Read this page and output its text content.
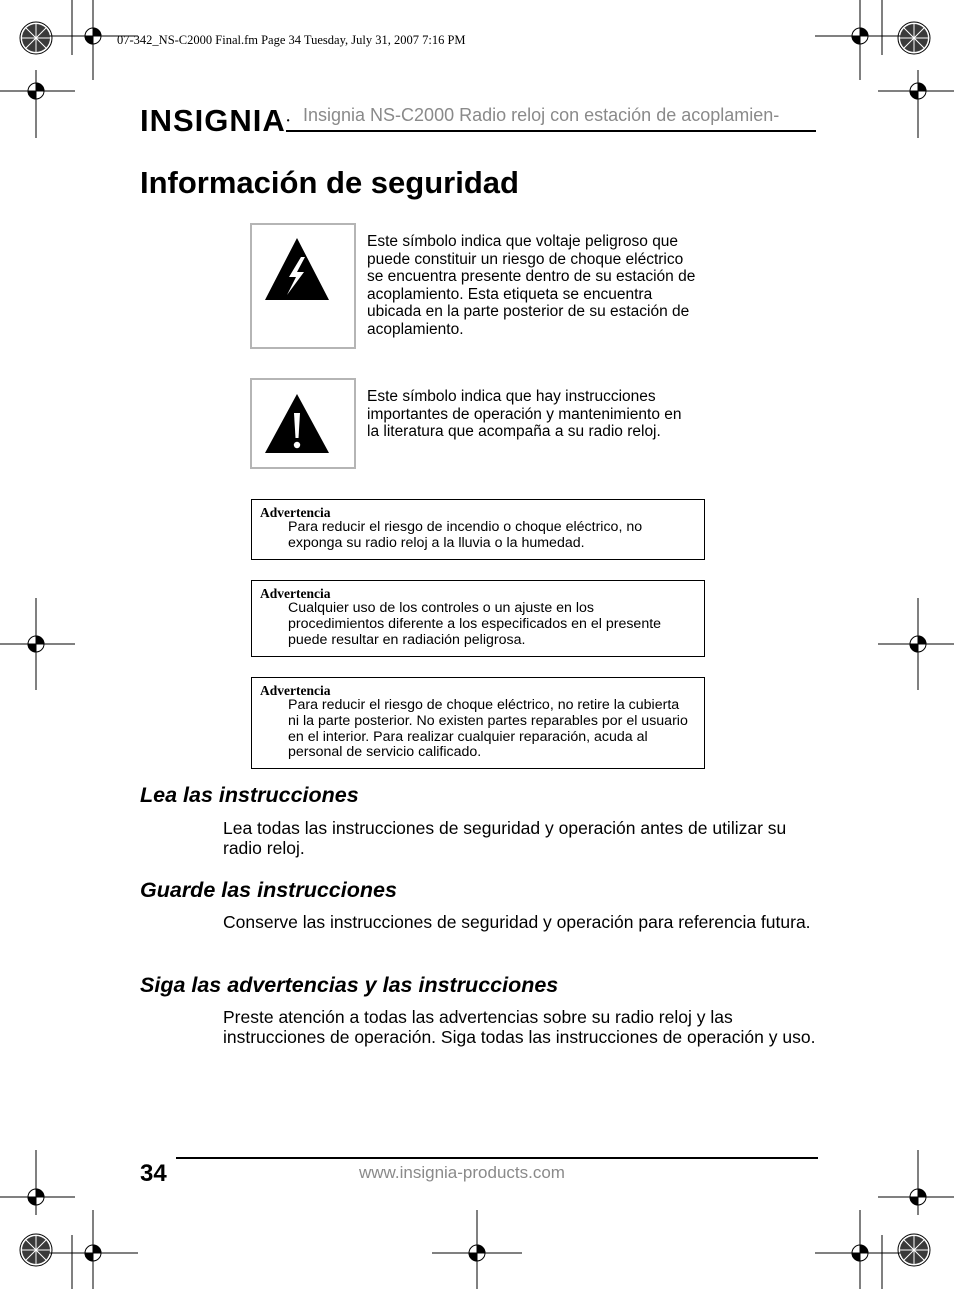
07-342_NS-C2000 Final.fm Page 34 Tuesday, July 31, 2007 7:16 PM
INSIGNIA• Insignia NS-C2000 Radio reloj con estación de acoplamien-
Información de seguridad
Este símbolo indica que voltaje peligroso que puede constituir un riesgo de choque eléctrico se encuentra presente dentro de su estación de acoplamiento. Esta etiqueta se encuentra ubicada en la parte posterior de su estación de acoplamiento.
Este símbolo indica que hay instrucciones importantes de operación y mantenimiento en la literatura que acompaña a su radio reloj.
Advertencia
Para reducir el riesgo de incendio o choque eléctrico, no exponga su radio reloj a la lluvia o la humedad.
Advertencia
Cualquier uso de los controles o un ajuste en los procedimientos diferente a los especificados en el presente puede resultar en radiación peligrosa.
Advertencia
Para reducir el riesgo de choque eléctrico, no retire la cubierta ni la parte posterior. No existen partes reparables por el usuario en el interior. Para realizar cualquier reparación, acuda al personal de servicio calificado.
Lea las instrucciones

Lea todas las instrucciones de seguridad y operación antes de utilizar su radio reloj.

Guarde las instrucciones

Conserve las instrucciones de seguridad y operación para referencia futura.

Siga las advertencias y las instrucciones

Preste atención a todas las advertencias sobre su radio reloj y las instrucciones de operación. Siga todas las instrucciones de operación y uso.

34	www.insignia-products.com
